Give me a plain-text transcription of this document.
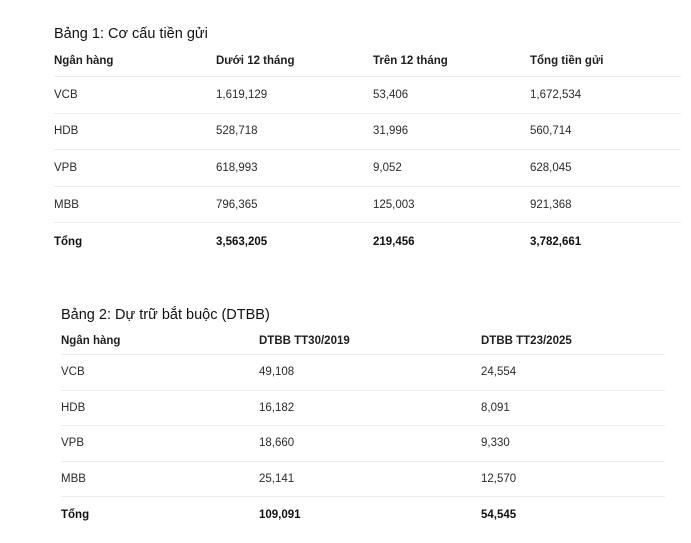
Bảng 1: Cơ cấu tiền gửi
Ngân hàng	Dưới 12 tháng	Trên 12 tháng	Tổng tiền gửi
VCB	1,619,129	53,406	1,672,534
HDB	528,718	31,996	560,714
VPB	618,993	9,052	628,045
MBB	796,365	125,003	921,368
Tổng	3,563,205	219,456	3,782,661
Bảng 2: Dự trữ bắt buộc (DTBB)
Ngân hàng	DTBB TT30/2019	DTBB TT23/2025
VCB	49,108	24,554
HDB	16,182	8,091
VPB	18,660	9,330
MBB	25,141	12,570
Tổng	109,091	54,545
